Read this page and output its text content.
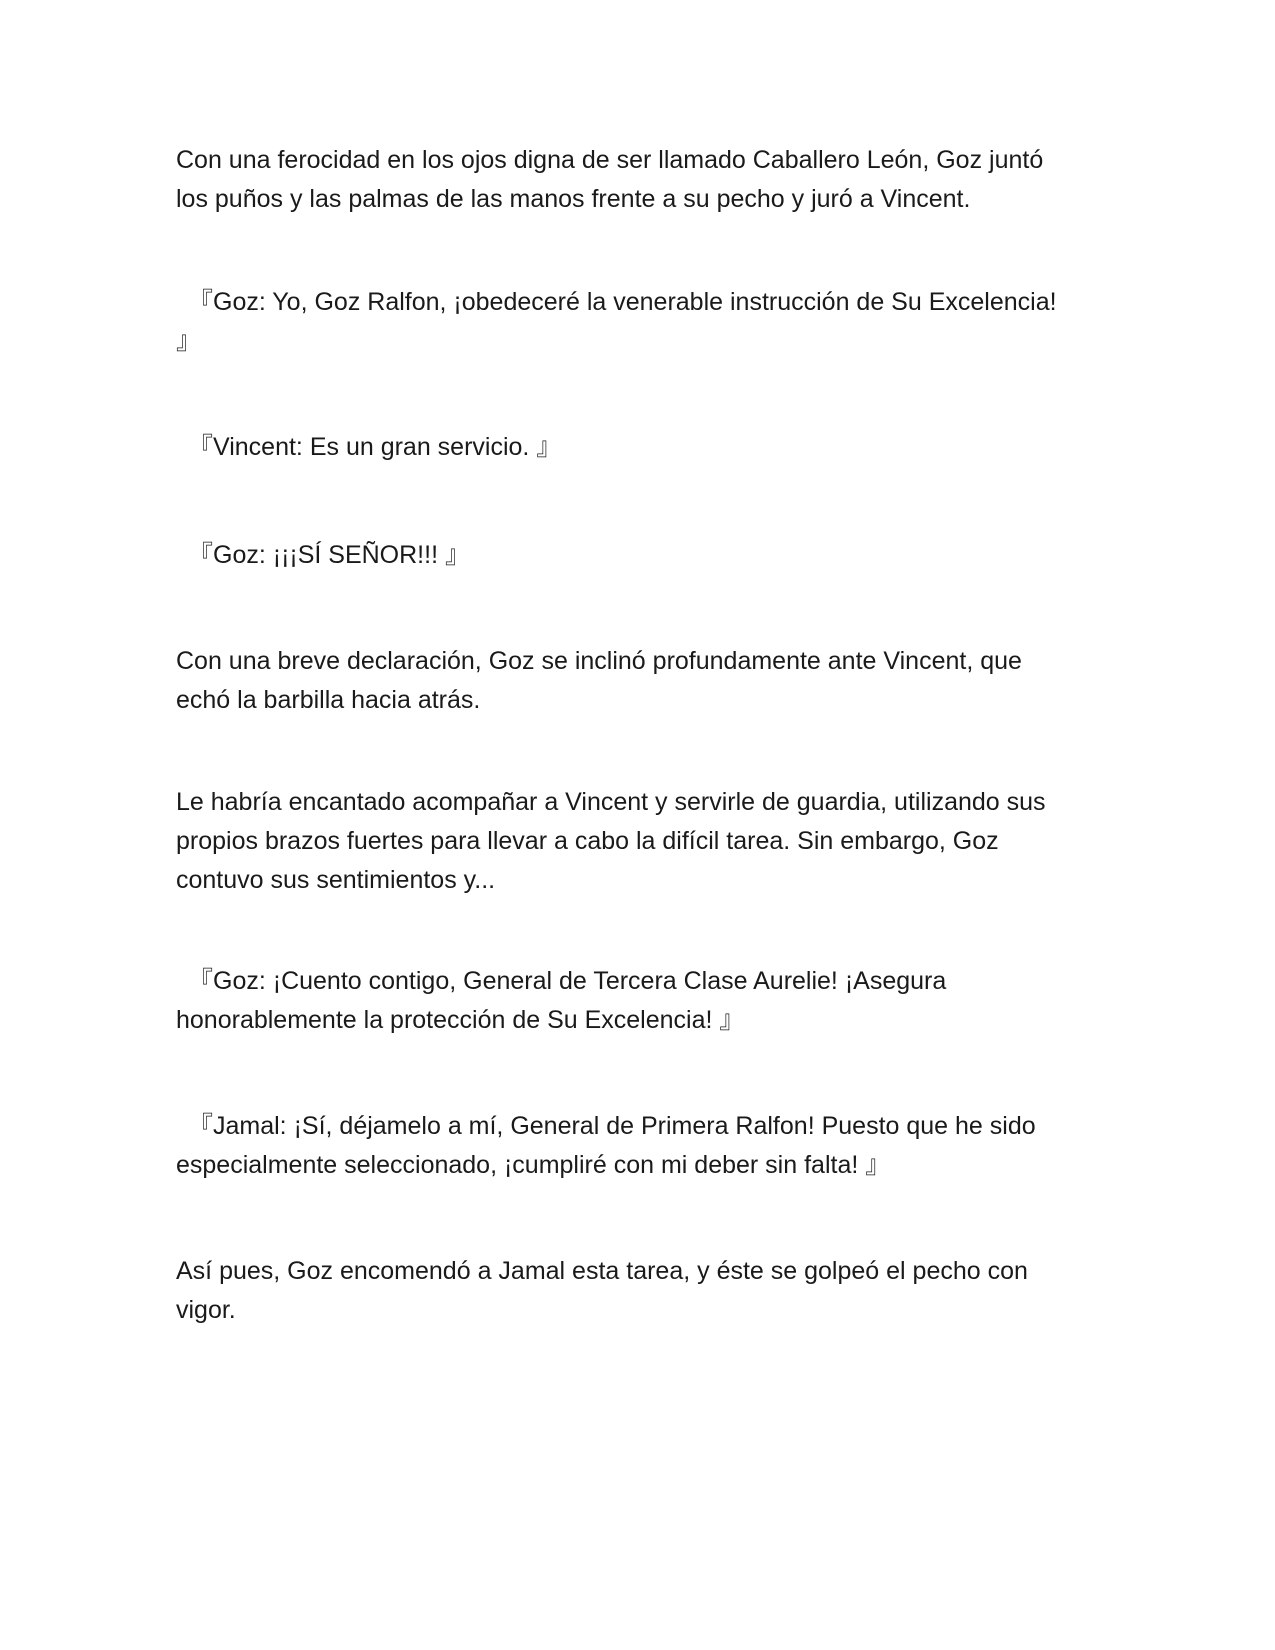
Con una ferocidad en los ojos digna de ser llamado Caballero León, Goz juntó
los puños y las palmas de las manos frente a su pecho y juró a Vincent.

『Goz: Yo, Goz Ralfon, ¡obedeceré la venerable instrucción de Su Excelencia!
』

『Vincent: Es un gran servicio. 』

『Goz: ¡¡¡SÍ SEÑOR!!! 』

Con una breve declaración, Goz se inclinó profundamente ante Vincent, que
echó la barbilla hacia atrás.

Le habría encantado acompañar a Vincent y servirle de guardia, utilizando sus
propios brazos fuertes para llevar a cabo la difícil tarea. Sin embargo, Goz
contuvo sus sentimientos y...

『Goz: ¡Cuento contigo, General de Tercera Clase Aurelie! ¡Asegura
honorablemente la protección de Su Excelencia! 』

『Jamal: ¡Sí, déjamelo a mí, General de Primera Ralfon! Puesto que he sido
especialmente seleccionado, ¡cumpliré con mi deber sin falta! 』

Así pues, Goz encomendó a Jamal esta tarea, y éste se golpeó el pecho con
vigor.
